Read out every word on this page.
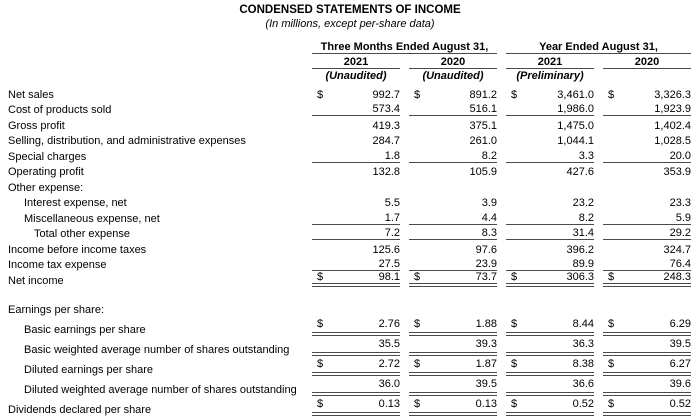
CONDENSED STATEMENTS OF INCOME
(In millions, except per-share data)
Three Months Ended August 31,	Year Ended August 31,
2021	2020	2021	2020
(Unaudited)	(Unaudited)	(Preliminary)
Net sales	$	992.7 $	891.2 $	3,461.0 $	3,326.3
Cost of products sold	573.4	516.1	1,986.0	1,923.9
Gross profit	419.3	375.1	1,475.0	1,402.4
Selling, distribution, and administrative expenses	284.7	261.0	1,044.1	1,028.5
Special charges	1.8	8.2	3.3	20.0
Operating profit	132.8	105.9	427.6	353.9
Other expense:
Interest expense, net	5.5	3.9	23.2	23.3
Miscellaneous expense, net	1.7	4.4	8.2	5.9
Total other expense	7.2	8.3	31.4	29.2
Income before income taxes	125.6	97.6	396.2	324.7
Income tax expense	27.5	23.9	89.9	76.4
Net income	$	98.1 $	73.7 $	306.3 $	248.3
Earnings per share:
Basic earnings per share	$	2.76 $	1.88 $	8.44 $	6.29
Basic weighted average number of shares outstanding	35.5	39.3	36.3	39.5
Diluted earnings per share	$	2.72 $	1.87 $	8.38 $	6.27
Diluted weighted average number of shares outstanding	36.0	39.5	36.6	39.6
Dividends declared per share	$	0.13 $	0.13 $	0.52 $	0.52
